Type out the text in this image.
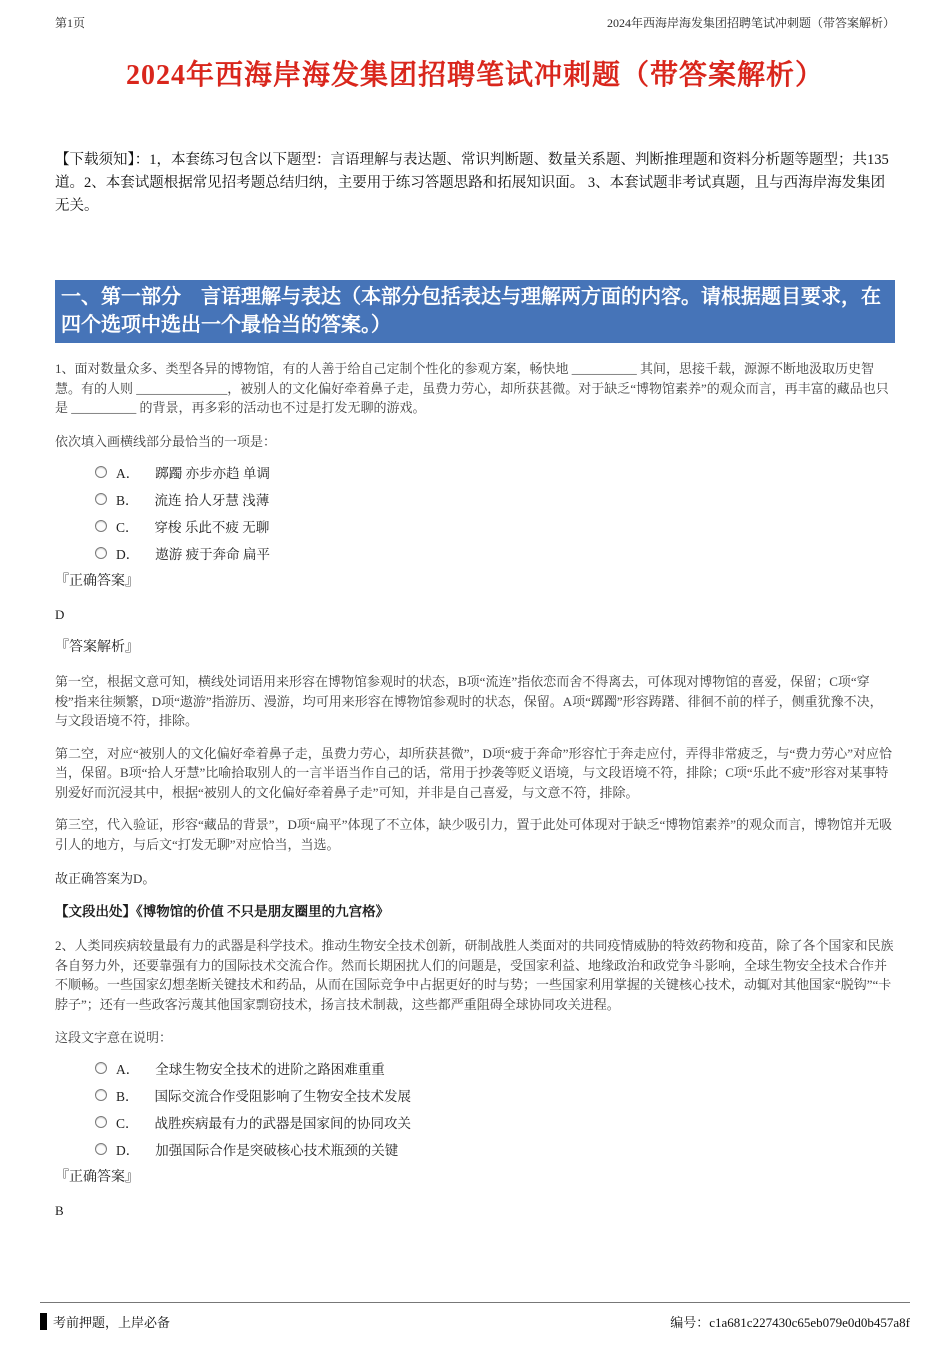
第1页	2024年西海岸海发集团招聘笔试冲刺题（带答案解析）
2024年西海岸海发集团招聘笔试冲刺题（带答案解析）

【下载须知】：1，本套练习包含以下题型：言语理解与表达题、常识判断题、数量关系题、判断推理题和资料分析题等题型；共135道。2、本套试题根据常见招考题总结归纳，主要用于练习答题思路和拓展知识面。 3、本套试题非考试真题，且与西海岸海发集团无关。

一、第一部分　言语理解与表达（本部分包括表达与理解两方面的内容。请根据题目要求，在四个选项中选出一个最恰当的答案。）

1、面对数量众多、类型各异的博物馆，有的人善于给自己定制个性化的参观方案，畅快地 __________ 其间，思接千载，源源不断地汲取历史智慧。有的人则 ______________，被别人的文化偏好牵着鼻子走，虽费力劳心，却所获甚微。对于缺乏“博物馆素养”的观众而言，再丰富的藏品也只是 __________ 的背景，再多彩的活动也不过是打发无聊的游戏。

依次填入画横线部分最恰当的一项是：

A． 踯躅 亦步亦趋 单调
B． 流连 拾人牙慧 浅薄
C． 穿梭 乐此不疲 无聊
D． 遨游 疲于奔命 扁平

『正确答案』

D

『答案解析』

第一空，根据文意可知，横线处词语用来形容在博物馆参观时的状态，B项“流连”指依恋而舍不得离去，可体现对博物馆的喜爱，保留；C项“穿梭”指来往频繁，D项“遨游”指游历、漫游，均可用来形容在博物馆参观时的状态，保留。A项“踯躅”形容踌躇、徘徊不前的样子，侧重犹豫不决，与文段语境不符，排除。

第二空，对应“被别人的文化偏好牵着鼻子走，虽费力劳心，却所获甚微”，D项“疲于奔命”形容忙于奔走应付，弄得非常疲乏，与“费力劳心”对应恰当，保留。B项“拾人牙慧”比喻拾取别人的一言半语当作自己的话，常用于抄袭等贬义语境，与文段语境不符，排除；C项“乐此不疲”形容对某事特别爱好而沉浸其中，根据“被别人的文化偏好牵着鼻子走”可知，并非是自己喜爱，与文意不符，排除。

第三空，代入验证，形容“藏品的背景”，D项“扁平”体现了不立体，缺少吸引力，置于此处可体现对于缺乏“博物馆素养”的观众而言，博物馆并无吸引人的地方，与后文“打发无聊”对应恰当，当选。

故正确答案为D。

【文段出处】《博物馆的价值 不只是朋友圈里的九宫格》

2、人类同疾病较量最有力的武器是科学技术。推动生物安全技术创新，研制战胜人类面对的共同疫情威胁的特效药物和疫苗，除了各个国家和民族各自努力外，还要靠强有力的国际技术交流合作。然而长期困扰人们的问题是，受国家利益、地缘政治和政党争斗影响，全球生物安全技术合作并不顺畅。一些国家幻想垄断关键技术和药品，从而在国际竞争中占据更好的时与势；一些国家利用掌握的关键核心技术，动辄对其他国家“脱钩”“卡脖子”；还有一些政客污蔑其他国家剽窃技术，扬言技术制裁，这些都严重阻碍全球协同攻关进程。

这段文字意在说明：

A． 全球生物安全技术的进阶之路困难重重
B． 国际交流合作受阻影响了生物安全技术发展
C． 战胜疾病最有力的武器是国家间的协同攻关
D． 加强国际合作是突破核心技术瓶颈的关键

『正确答案』

B

考前押题，上岸必备	编号：c1a681c227430c65eb079e0d0b457a8f
